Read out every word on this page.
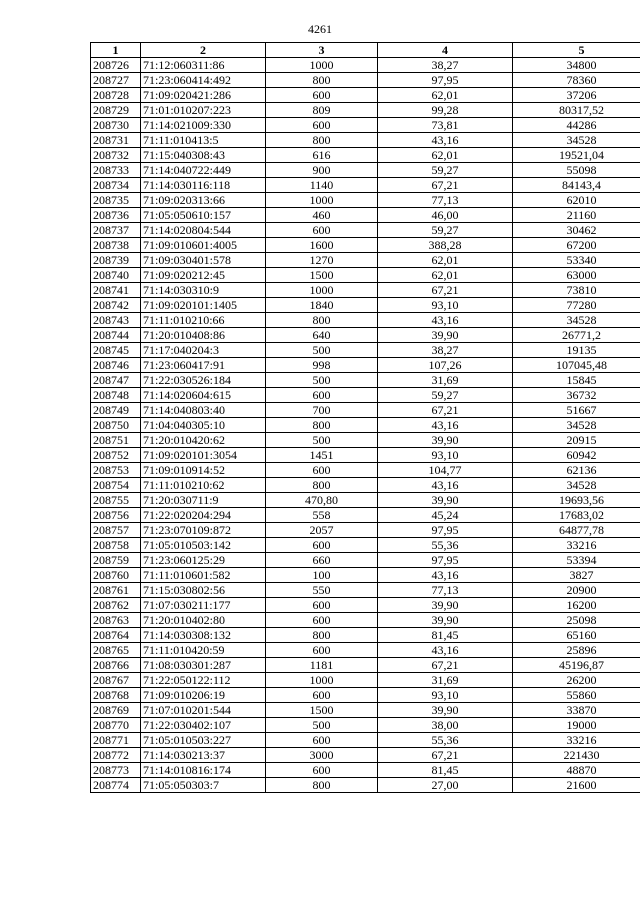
4261
1	2	3	4	5
208726	71:12:060311:86	1000	38,27	34800
208727	71:23:060414:492	800	97,95	78360
208728	71:09:020421:286	600	62,01	37206
208729	71:01:010207:223	809	99,28	80317,52
208730	71:14:021009:330	600	73,81	44286
208731	71:11:010413:5	800	43,16	34528
208732	71:15:040308:43	616	62,01	19521,04
208733	71:14:040722:449	900	59,27	55098
208734	71:14:030116:118	1140	67,21	84143,4
208735	71:09:020313:66	1000	77,13	62010
208736	71:05:050610:157	460	46,00	21160
208737	71:14:020804:544	600	59,27	30462
208738	71:09:010601:4005	1600	388,28	67200
208739	71:09:030401:578	1270	62,01	53340
208740	71:09:020212:45	1500	62,01	63000
208741	71:14:030310:9	1000	67,21	73810
208742	71:09:020101:1405	1840	93,10	77280
208743	71:11:010210:66	800	43,16	34528
208744	71:20:010408:86	640	39,90	26771,2
208745	71:17:040204:3	500	38,27	19135
208746	71:23:060417:91	998	107,26	107045,48
208747	71:22:030526:184	500	31,69	15845
208748	71:14:020604:615	600	59,27	36732
208749	71:14:040803:40	700	67,21	51667
208750	71:04:040305:10	800	43,16	34528
208751	71:20:010420:62	500	39,90	20915
208752	71:09:020101:3054	1451	93,10	60942
208753	71:09:010914:52	600	104,77	62136
208754	71:11:010210:62	800	43,16	34528
208755	71:20:030711:9	470,80	39,90	19693,56
208756	71:22:020204:294	558	45,24	17683,02
208757	71:23:070109:872	2057	97,95	64877,78
208758	71:05:010503:142	600	55,36	33216
208759	71:23:060125:29	660	97,95	53394
208760	71:11:010601:582	100	43,16	3827
208761	71:15:030802:56	550	77,13	20900
208762	71:07:030211:177	600	39,90	16200
208763	71:20:010402:80	600	39,90	25098
208764	71:14:030308:132	800	81,45	65160
208765	71:11:010420:59	600	43,16	25896
208766	71:08:030301:287	1181	67,21	45196,87
208767	71:22:050122:112	1000	31,69	26200
208768	71:09:010206:19	600	93,10	55860
208769	71:07:010201:544	1500	39,90	33870
208770	71:22:030402:107	500	38,00	19000
208771	71:05:010503:227	600	55,36	33216
208772	71:14:030213:37	3000	67,21	221430
208773	71:14:010816:174	600	81,45	48870
208774	71:05:050303:7	800	27,00	21600
